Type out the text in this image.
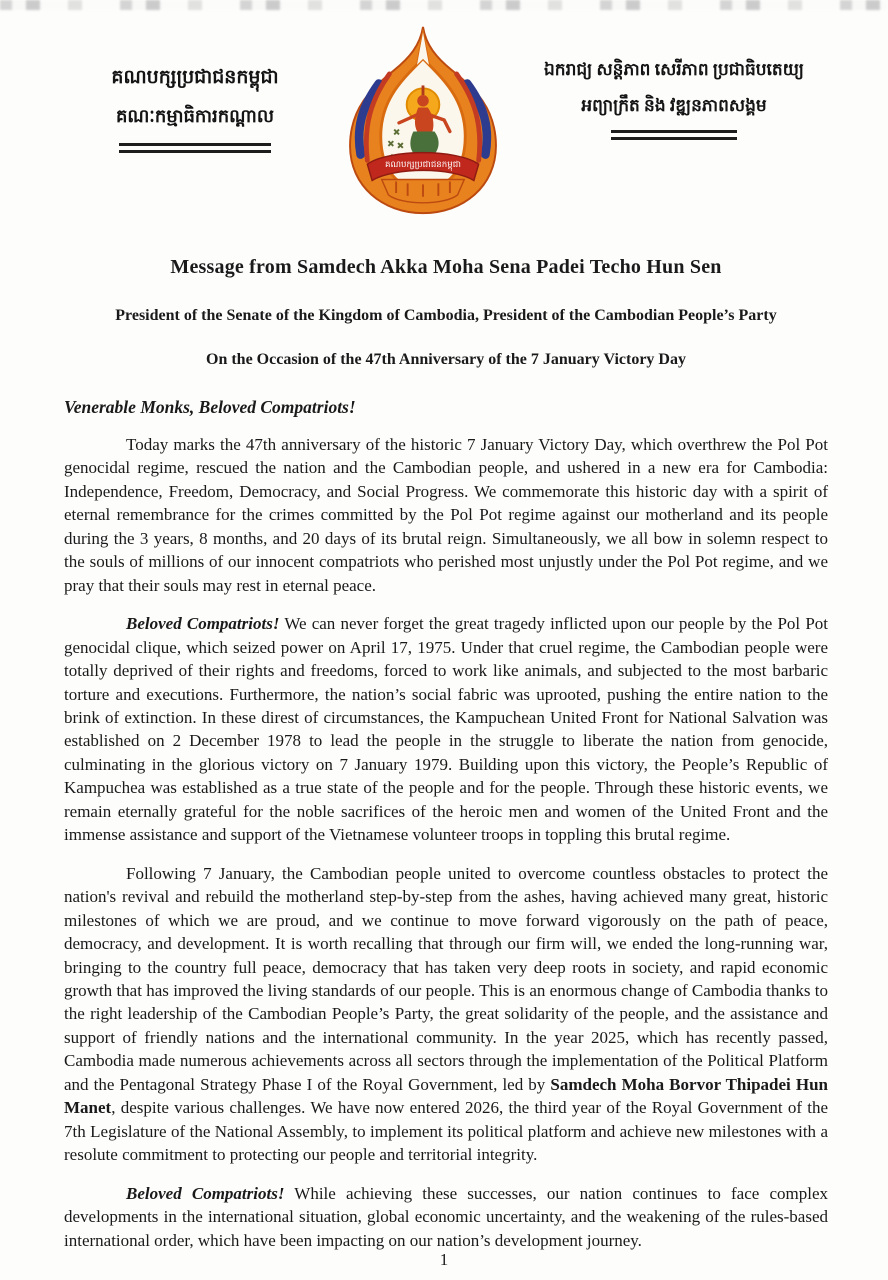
គណបក្សប្រជាជនកម្ពុជា
គណៈកម្មាធិការកណ្តាល
គណបក្សប្រជាជនកម្ពុជា
ឯករាជ្យ សន្តិភាព សេរីភាព ប្រជាធិបតេយ្យ
អព្យាក្រឹត និង វឌ្ឍនភាពសង្គម
Message from Samdech Akka Moha Sena Padei Techo Hun Sen
President of the Senate of the Kingdom of Cambodia, President of the Cambodian People’s Party
On the Occasion of the 47th Anniversary of the 7 January Victory Day

Venerable Monks, Beloved Compatriots!

Today marks the 47th anniversary of the historic 7 January Victory Day, which overthrew the Pol Pot genocidal regime, rescued the nation and the Cambodian people, and ushered in a new era for Cambodia: Independence, Freedom, Democracy, and Social Progress. We commemorate this historic day with a spirit of eternal remembrance for the crimes committed by the Pol Pot regime against our motherland and its people during the 3 years, 8 months, and 20 days of its brutal reign. Simultaneously, we all bow in solemn respect to the souls of millions of our innocent compatriots who perished most unjustly under the Pol Pot regime, and we pray that their souls may rest in eternal peace.

Beloved Compatriots! We can never forget the great tragedy inflicted upon our people by the Pol Pot genocidal clique, which seized power on April 17, 1975. Under that cruel regime, the Cambodian people were totally deprived of their rights and freedoms, forced to work like animals, and subjected to the most barbaric torture and executions. Furthermore, the nation’s social fabric was uprooted, pushing the entire nation to the brink of extinction. In these direst of circumstances, the Kampuchean United Front for National Salvation was established on 2 December 1978 to lead the people in the struggle to liberate the nation from genocide, culminating in the glorious victory on 7 January 1979. Building upon this victory, the People’s Republic of Kampuchea was established as a true state of the people and for the people. Through these historic events, we remain eternally grateful for the noble sacrifices of the heroic men and women of the United Front and the immense assistance and support of the Vietnamese volunteer troops in toppling this brutal regime.

Following 7 January, the Cambodian people united to overcome countless obstacles to protect the nation's revival and rebuild the motherland step-by-step from the ashes, having achieved many great, historic milestones of which we are proud, and we continue to move forward vigorously on the path of peace, democracy, and development. It is worth recalling that through our firm will, we ended the long-running war, bringing to the country full peace, democracy that has taken very deep roots in society, and rapid economic growth that has improved the living standards of our people. This is an enormous change of Cambodia thanks to the right leadership of the Cambodian People’s Party, the great solidarity of the people, and the assistance and support of friendly nations and the international community. In the year 2025, which has recently passed, Cambodia made numerous achievements across all sectors through the implementation of the Political Platform and the Pentagonal Strategy Phase I of the Royal Government, led by Samdech Moha Borvor Thipadei Hun Manet, despite various challenges. We have now entered 2026, the third year of the Royal Government of the 7th Legislature of the National Assembly, to implement its political platform and achieve new milestones with a resolute commitment to protecting our people and territorial integrity.

Beloved Compatriots! While achieving these successes, our nation continues to face complex developments in the international situation, global economic uncertainty, and the weakening of the rules-based international order, which have been impacting on our nation’s development journey.

1
